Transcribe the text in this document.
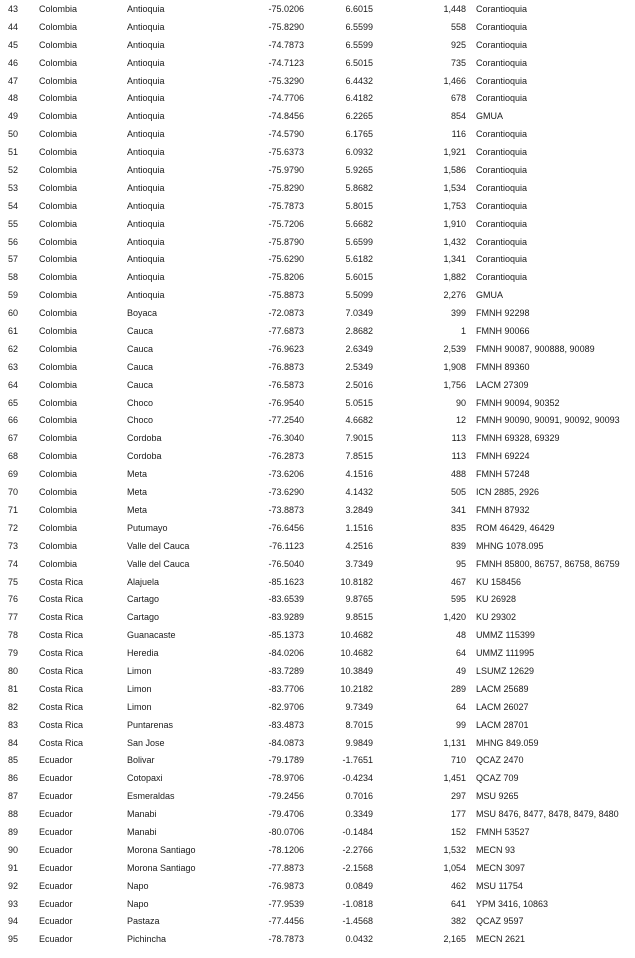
43 Colombia	Antioquia	-75.0206	6.6015	1,448 Corantioquia
44 Colombia	Antioquia	-75.8290	6.5599	558 Corantioquia
45 Colombia	Antioquia	-74.7873	6.5599	925 Corantioquia
46 Colombia	Antioquia	-74.7123	6.5015	735 Corantioquia
47 Colombia	Antioquia	-75.3290	6.4432	1,466 Corantioquia
48 Colombia	Antioquia	-74.7706	6.4182	678 Corantioquia
49 Colombia	Antioquia	-74.8456	6.2265	854 GMUA
50 Colombia	Antioquia	-74.5790	6.1765	116 Corantioquia
51 Colombia	Antioquia	-75.6373	6.0932	1,921 Corantioquia
52 Colombia	Antioquia	-75.9790	5.9265	1,586 Corantioquia
53 Colombia	Antioquia	-75.8290	5.8682	1,534 Corantioquia
54 Colombia	Antioquia	-75.7873	5.8015	1,753 Corantioquia
55 Colombia	Antioquia	-75.7206	5.6682	1,910 Corantioquia
56 Colombia	Antioquia	-75.8790	5.6599	1,432 Corantioquia
57 Colombia	Antioquia	-75.6290	5.6182	1,341 Corantioquia
58 Colombia	Antioquia	-75.8206	5.6015	1,882 Corantioquia
59 Colombia	Antioquia	-75.8873	5.5099	2,276 GMUA
60 Colombia	Boyaca	-72.0873	7.0349	399 FMNH 92298
61 Colombia	Cauca	-77.6873	2.8682	1 FMNH 90066
62 Colombia	Cauca	-76.9623	2.6349	2,539 FMNH 90087, 900888, 90089
63 Colombia	Cauca	-76.8873	2.5349	1,908 FMNH 89360
64 Colombia	Cauca	-76.5873	2.5016	1,756 LACM 27309
65 Colombia	Choco	-76.9540	5.0515	90 FMNH 90094, 90352
66 Colombia	Choco	-77.2540	4.6682	12 FMNH 90090, 90091, 90092, 90093
67 Colombia	Cordoba	-76.3040	7.9015	113 FMNH 69328, 69329
68 Colombia	Cordoba	-76.2873	7.8515	113 FMNH 69224
69 Colombia	Meta	-73.6206	4.1516	488 FMNH 57248
70 Colombia	Meta	-73.6290	4.1432	505 ICN 2885, 2926
71 Colombia	Meta	-73.8873	3.2849	341 FMNH 87932
72 Colombia	Putumayo	-76.6456	1.1516	835 ROM 46429, 46429
73 Colombia	Valle del Cauca	-76.1123	4.2516	839 MHNG 1078.095
74 Colombia	Valle del Cauca	-76.5040	3.7349	95 FMNH 85800, 86757, 86758, 86759
75 Costa Rica	Alajuela	-85.1623	10.8182	467 KU 158456
76 Costa Rica	Cartago	-83.6539	9.8765	595 KU 26928
77 Costa Rica	Cartago	-83.9289	9.8515	1,420 KU 29302
78 Costa Rica	Guanacaste	-85.1373	10.4682	48 UMMZ 115399
79 Costa Rica	Heredia	-84.0206	10.4682	64 UMMZ 111995
80 Costa Rica	Limon	-83.7289	10.3849	49 LSUMZ 12629
81 Costa Rica	Limon	-83.7706	10.2182	289 LACM 25689
82 Costa Rica	Limon	-82.9706	9.7349	64 LACM 26027
83 Costa Rica	Puntarenas	-83.4873	8.7015	99 LACM 28701
84 Costa Rica	San Jose	-84.0873	9.9849	1,131 MHNG 849.059
85 Ecuador	Bolivar	-79.1789	-1.7651	710 QCAZ 2470
86 Ecuador	Cotopaxi	-78.9706	-0.4234	1,451 QCAZ 709
87 Ecuador	Esmeraldas	-79.2456	0.7016	297 MSU 9265
88 Ecuador	Manabi	-79.4706	0.3349	177 MSU 8476, 8477, 8478, 8479, 8480
89 Ecuador	Manabi	-80.0706	-0.1484	152 FMNH 53527
90 Ecuador	Morona Santiago	-78.1206	-2.2766	1,532 MECN 93
91 Ecuador	Morona Santiago	-77.8873	-2.1568	1,054 MECN 3097
92 Ecuador	Napo	-76.9873	0.0849	462 MSU 11754
93 Ecuador	Napo	-77.9539	-1.0818	641 YPM 3416, 10863
94 Ecuador	Pastaza	-77.4456	-1.4568	382 QCAZ 9597
95 Ecuador	Pichincha	-78.7873	0.0432	2,165 MECN 2621
